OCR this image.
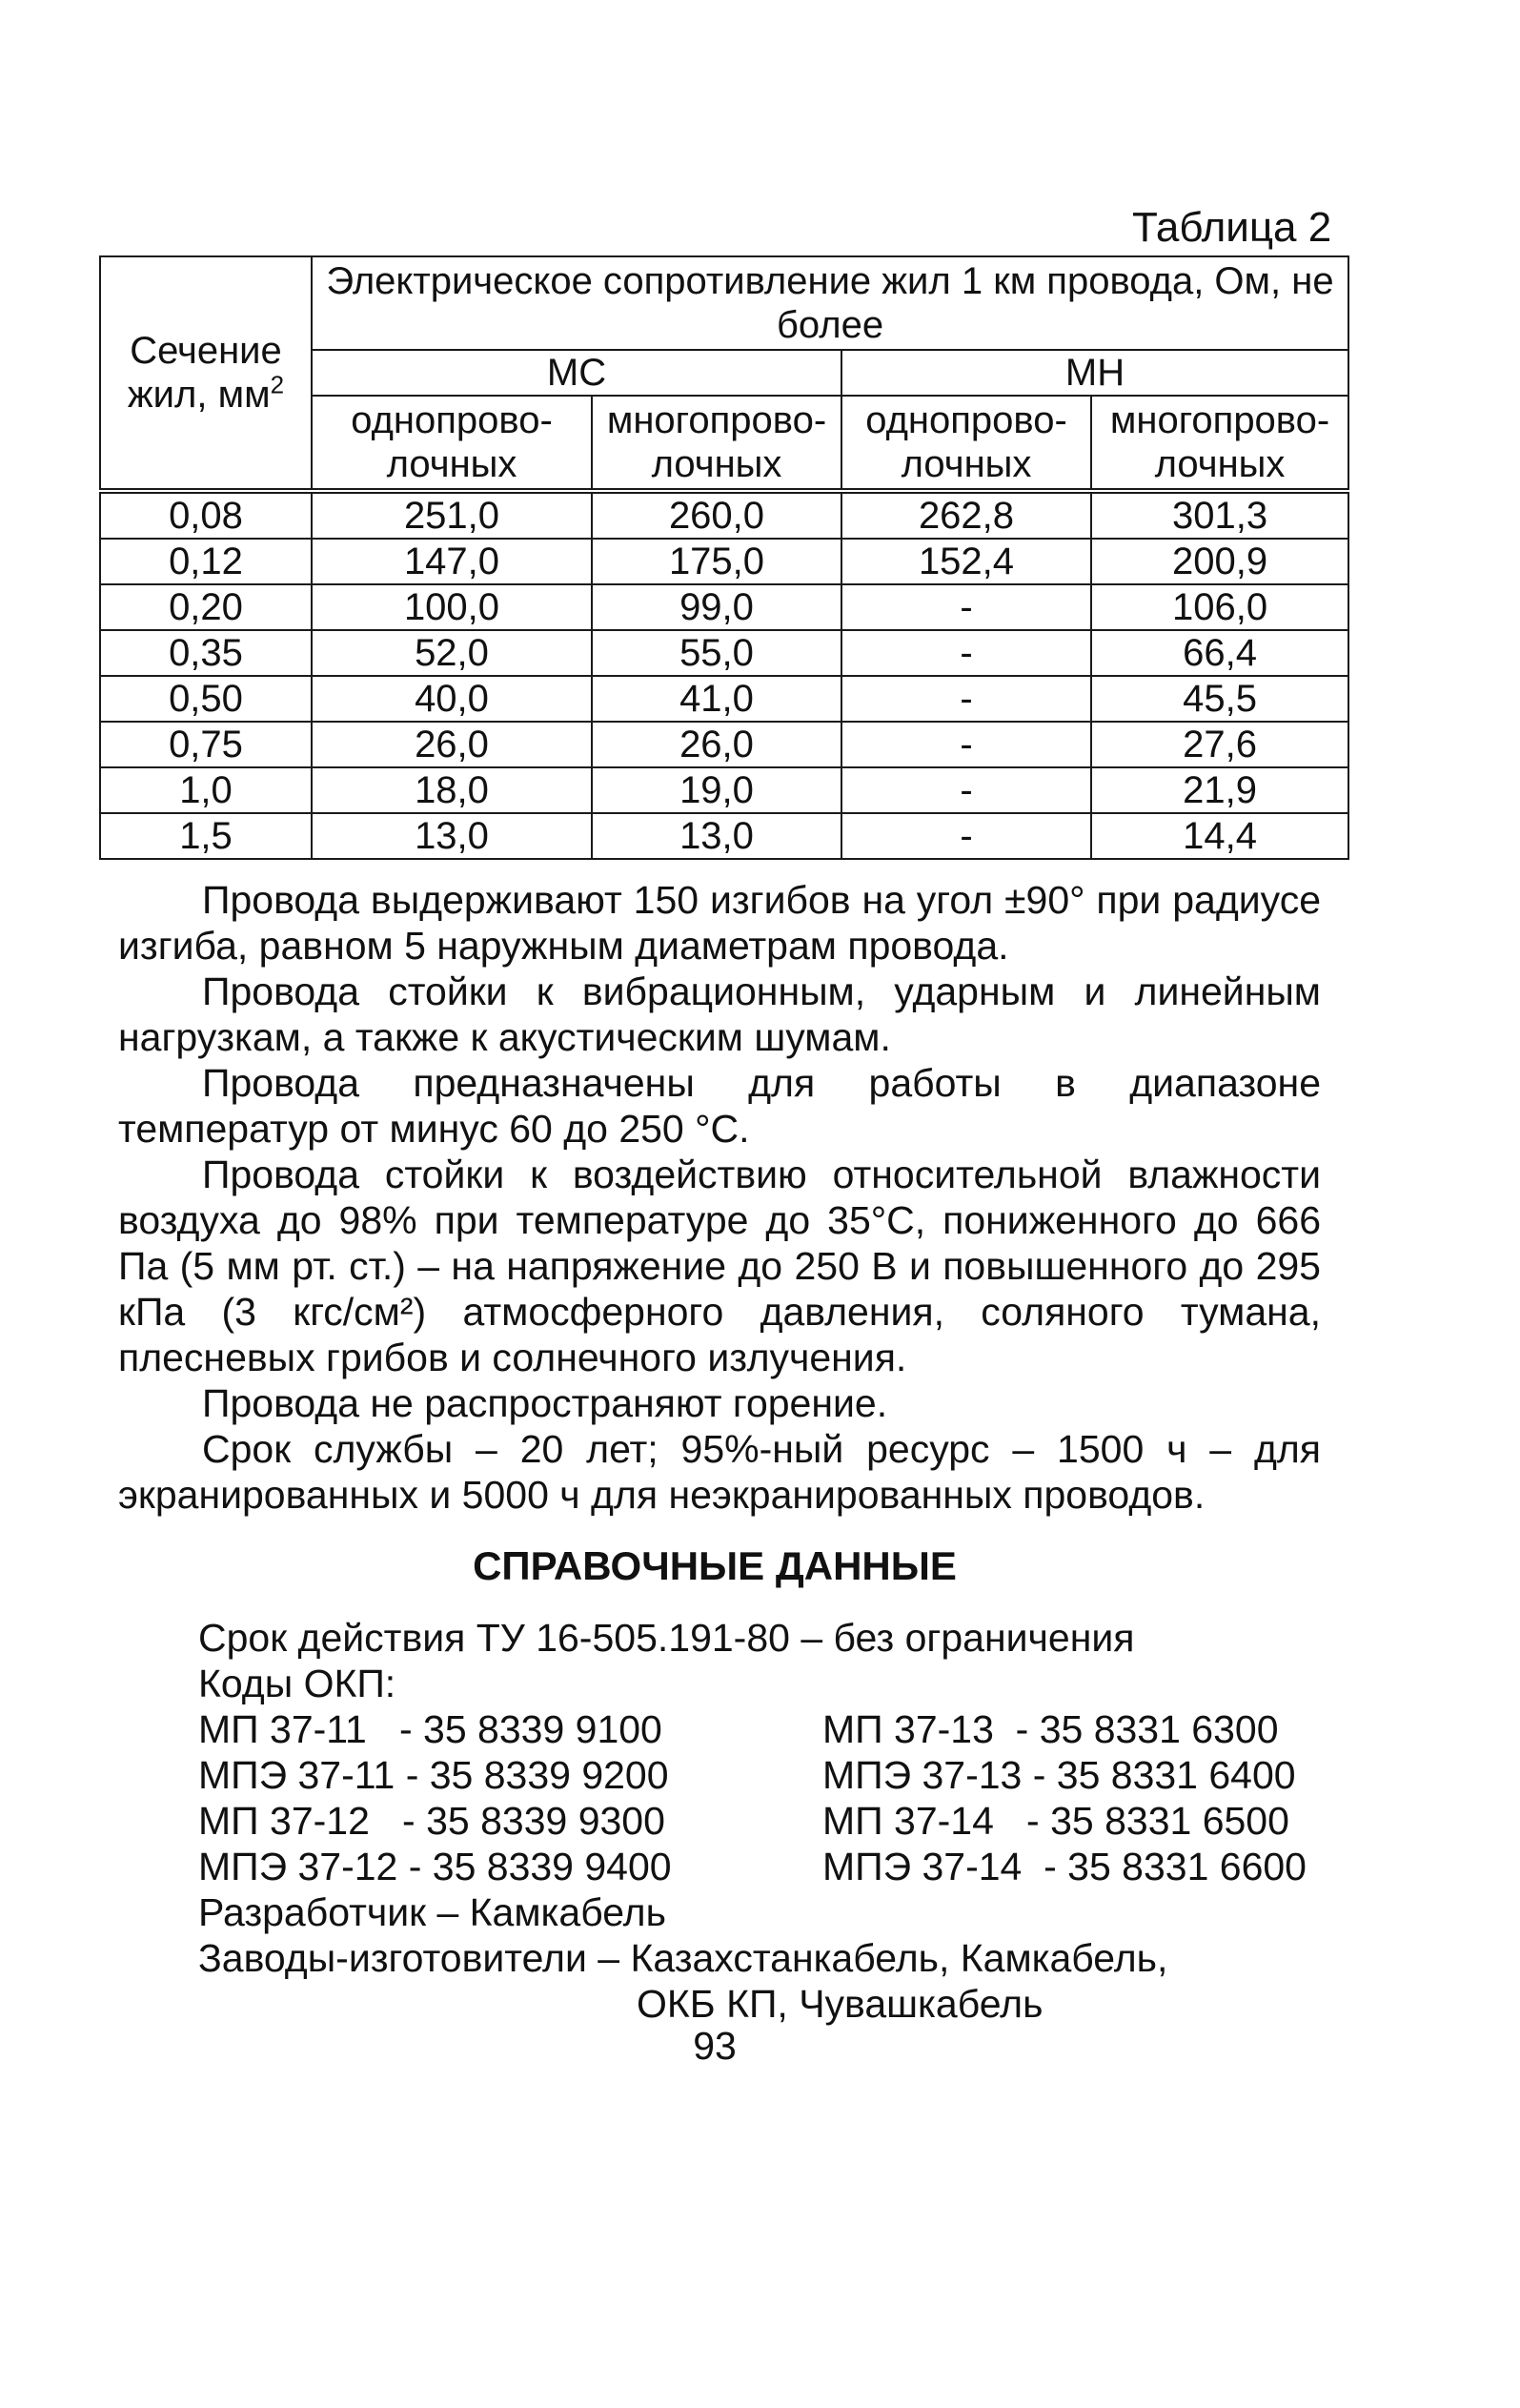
Таблица 2
Сечение жил, $мм^2$	Электрическое сопротивление жил 1 км провода, Ом, не более			
	МС		МН	
	однопрово-лочных	многопрово-лочных	однопрово-лочных	многопрово-лочных
0,08	251,0	260,0	262,8	301,3
0,12	147,0	175,0	152,4	200,9
0,20	100,0	99,0	-	106,0
0,35	52,0	55,0	-	66,4
0,50	40,0	41,0	-	45,5
0,75	26,0	26,0	-	27,6
1,0	18,0	19,0	-	21,9
1,5	13,0	13,0	-	14,4

Провода выдерживают 150 изгибов на угол ±90° при радиусе изгиба, равном 5 наружным диаметрам провода.

Провода стойки к вибрационным, ударным и линейным нагрузкам, а также к акустическим шумам.

Провода предназначены для работы в диапазоне температур от минус 60 до 250 °С.

Провода стойки к воздействию относительной влажности воздуха до 98% при температуре до 35°С, пониженного до 666 Па (5 мм рт. ст.) – на напряжение до 250 В и повышенного до 295 кПа (3 кгс/см²) атмосферного давления, соляного тумана, плесневых грибов и солнечного излучения.

Провода не распространяют горение.

Срок службы – 20 лет; 95%-ный ресурс – 1500 ч – для экранированных и 5000 ч для неэкранированных проводов.

СПРАВОЧНЫЕ ДАННЫЕ
Срок действия ТУ 16-505.191-80 – без ограничения
Коды ОКП:
МП 37-11   - 35 8339 9100	МП 37-13  - 35 8331 6300
МПЭ 37-11 - 35 8339 9200	МПЭ 37-13 - 35 8331 6400
МП 37-12   - 35 8339 9300	МП 37-14   - 35 8331 6500
МПЭ 37-12 - 35 8339 9400	МПЭ 37-14  - 35 8331 6600
Разработчик – Камкабель
Заводы-изготовители – Казахстанкабель, Камкабель,
ОКБ КП, Чувашкабель
93
